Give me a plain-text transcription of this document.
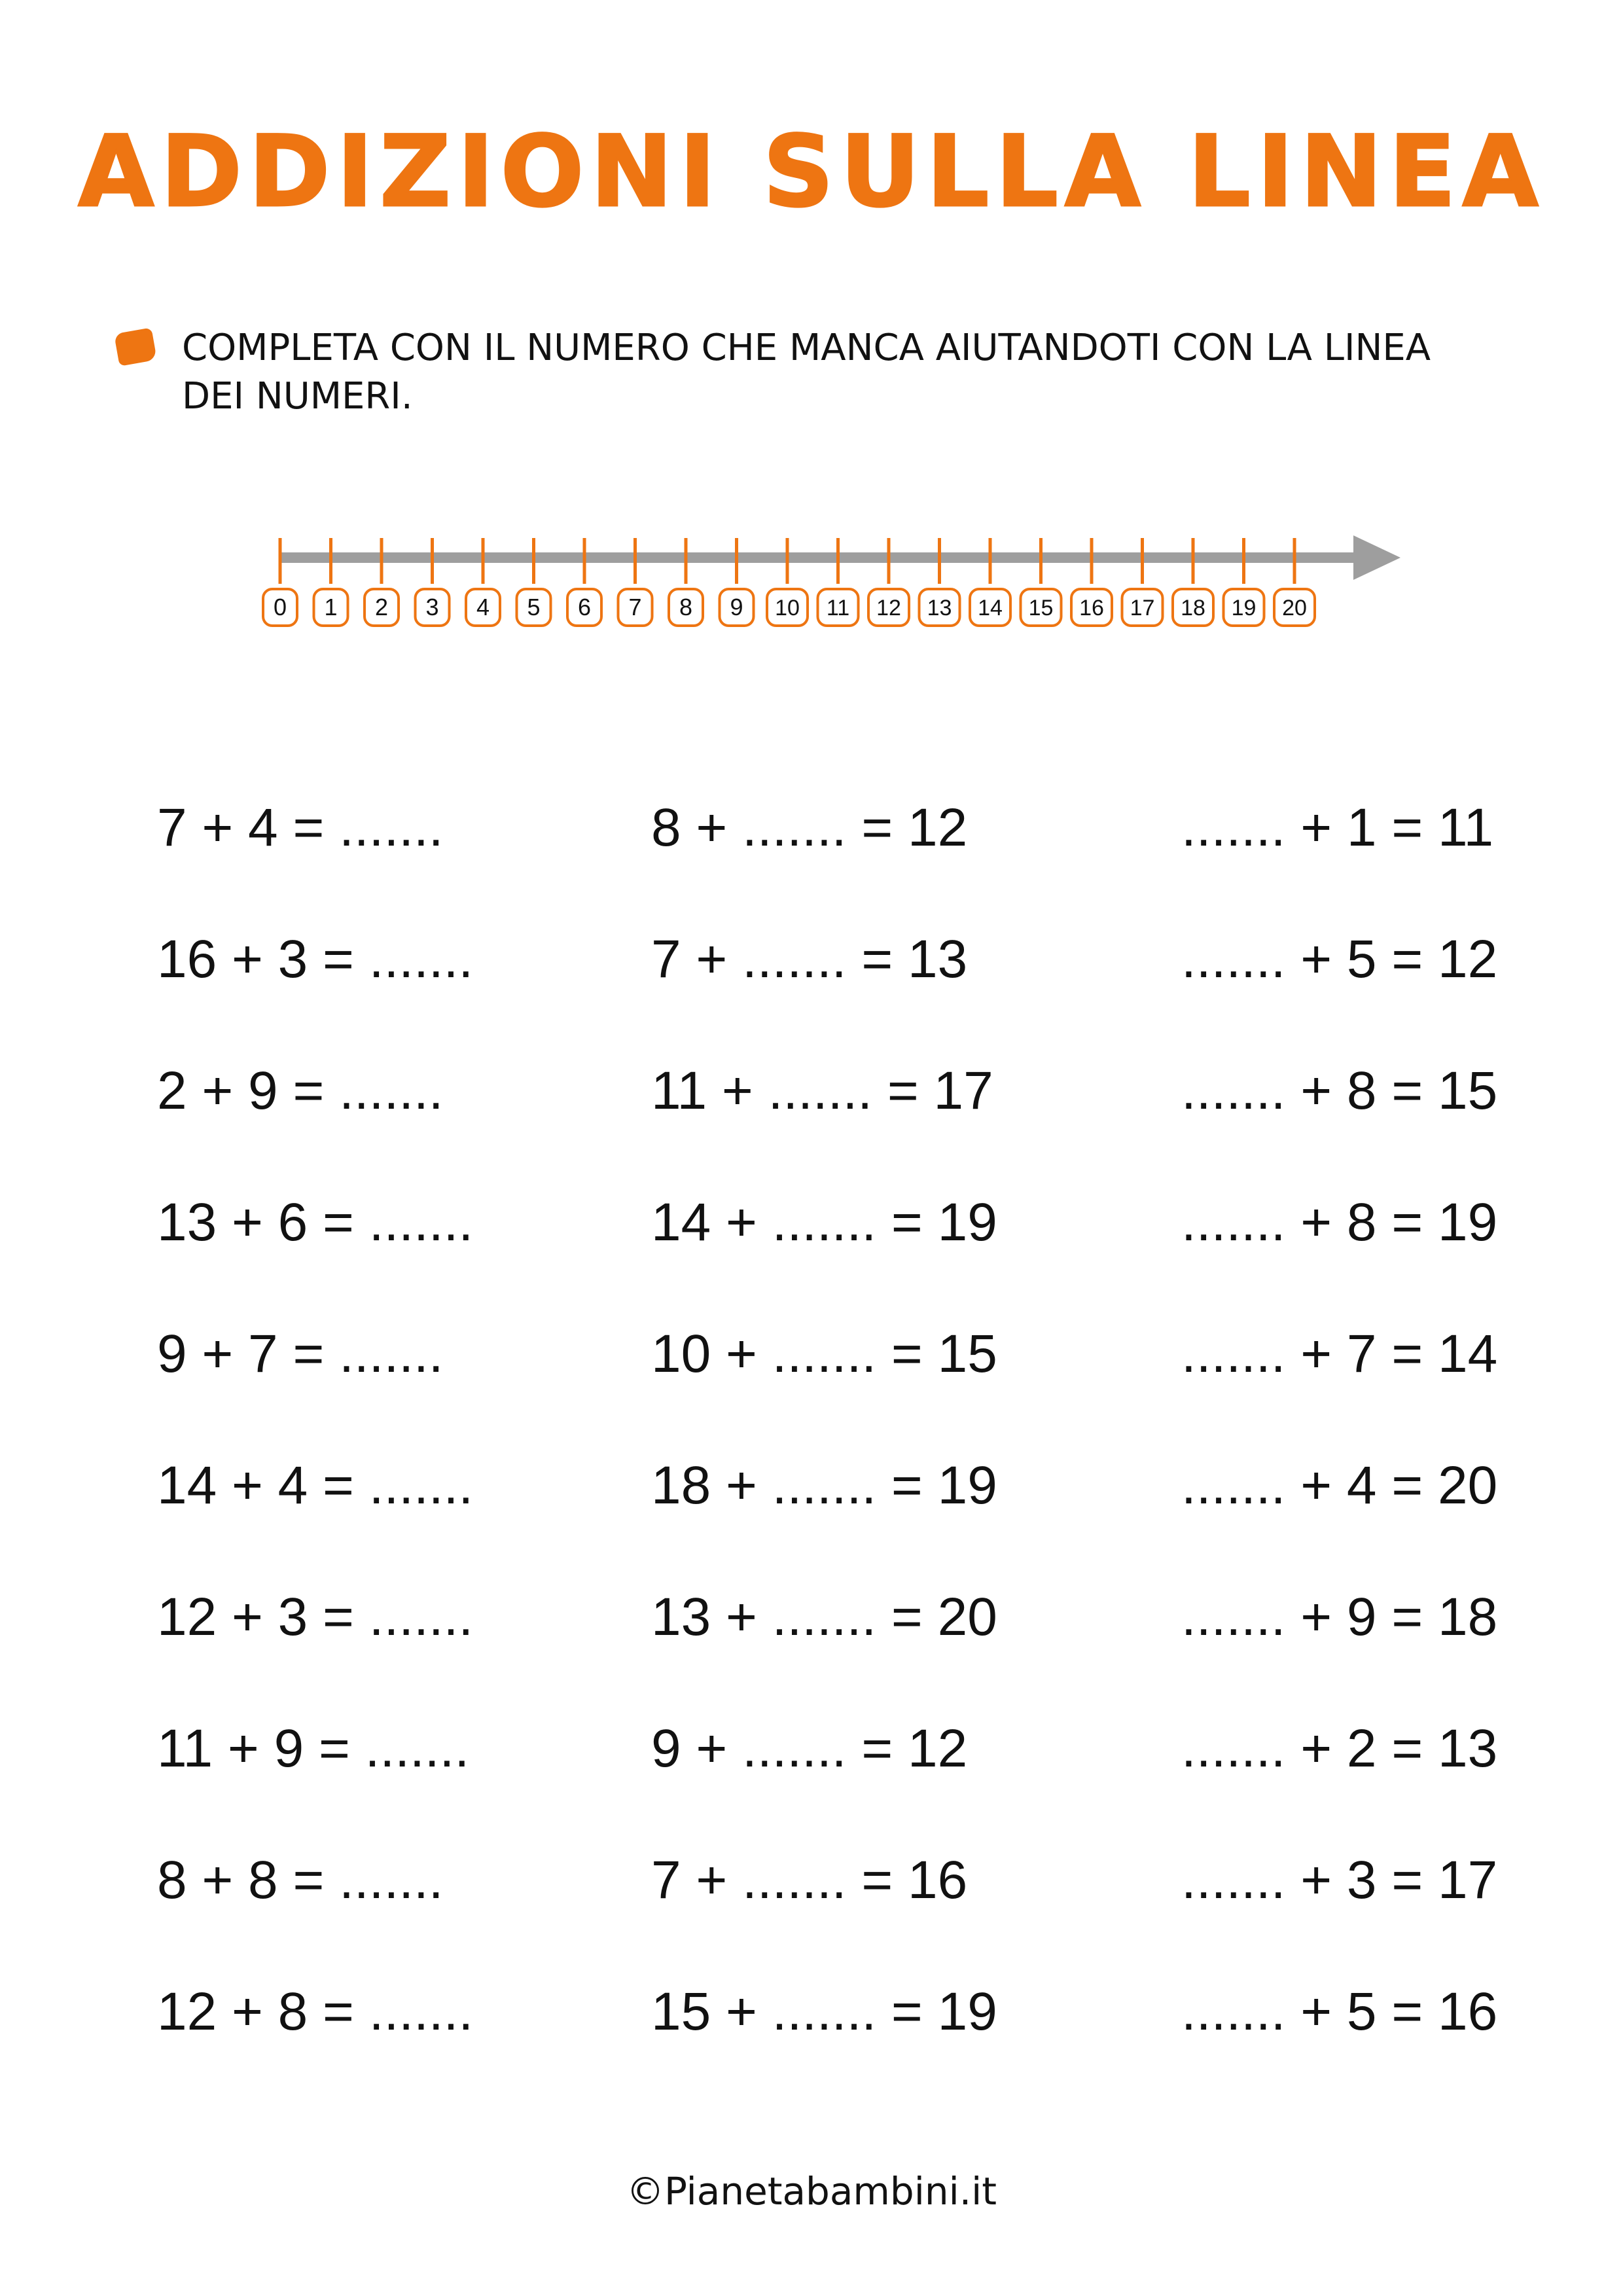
ADDIZIONI SULLA LINEA
COMPLETA CON IL NUMERO CHE MANCA AIUTANDOTI CON LA LINEA DEI NUMERI.
0 1 2 3 4 5 6 7 8 9 10 11 12 13 14 15 16 17 18 19 20
7 + 4 = .......
16 + 3 = .......
2 + 9 = .......
13 + 6 = .......
9 + 7 = .......
14 + 4 = .......
12 + 3 = .......
11 + 9 = .......
8 + 8 = .......
12 + 8 = .......
8 + ....... = 12
7 + ....... = 13
11 + ....... = 17
14 + ....... = 19
10 + ....... = 15
18 + ....... = 19
13 + ....... = 20
9 + ....... = 12
7 + ....... = 16
15 + ....... = 19
....... + 1 = 11
....... + 5 = 12
....... + 8 = 15
....... + 8 = 19
....... + 7 = 14
....... + 4 = 20
....... + 9 = 18
....... + 2 = 13
....... + 3 = 17
....... + 5 = 16
©Pianetabambini.it
